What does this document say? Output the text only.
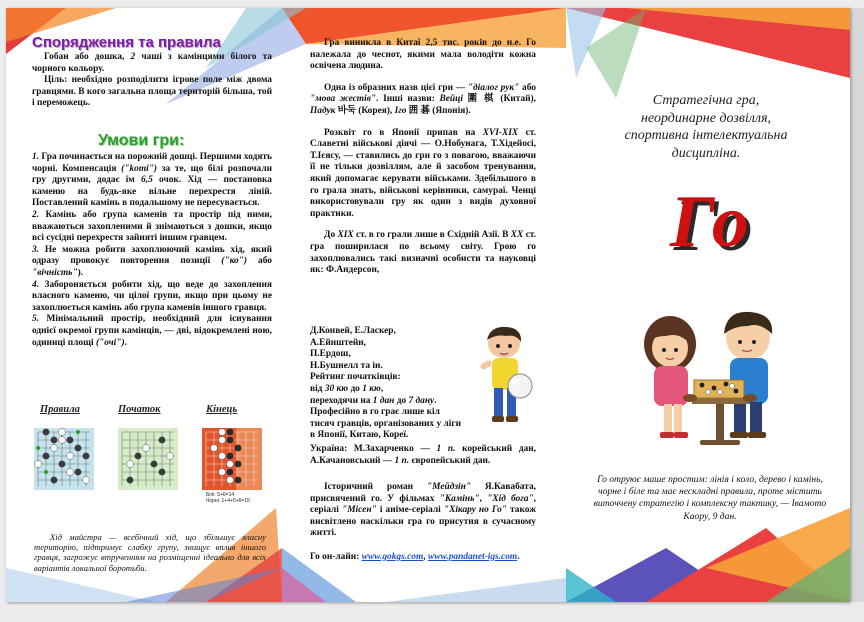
Спорядження та правила

Гобан або дошка, 2 чаші з камінцями білого та чорного кольору.

Ціль: необхідно розподілити ігрове поле між двома гравцями. В кого загальна площа територій більша, той і переможець.

Умови гри:

1. Гра починається на порожній дошці. Першими ходять чорні. Компенсація ("komi") за те, що білі розпочали гру другими, додає їм 6,5 очок. Хід — постановка каменю на будь-яке вільне перехрестя ліній. Поставлений камінь в подальшому не пересувається.

2. Камінь або група каменів та простір під ними, вважаються захопленими й знімаються з дошки, якщо всі сусідні перехрестя зайняті іншим гравцем.

3. Не можна робити захоплюючий камінь хід, який одразу провокує повторення позиції ("ко") або "вічність").

4. Забороняється робити хід, що веде до захоплення власного каменю, чи цілої групи, якщо при цьому не захоплюється камінь або група каменів іншого гравця.

5. Мінімальний простір, необхідний для існування однієї окремої групи камінців, — дві, відокремлені ною, одиниці площі ("очі").

Правила	Початок	Кінець
Білі: 5+6=14
Чорні: 1+4+5+6=15

Хід майстра — всебічний хід, що збільшує власну територію, підтримує слабку групу, знищує вплив іншого гравця, загрожує втрученням на розміщенні ідеально для всіх варіантів локальної боротьби.

Гра виникла в Китаї 2,5 тис. років до н.е. Го належала до чеснот, якими мала володіти кожна освічена людина.

Одна із образних назв цієї гри — "діалог рук" або "мова жестів". Інші назви: Вейці 圍 棋 (Китай), Падук 바둑 (Корея), Ігo 囲 碁 (Японія).

Розквіт го в Японії припав на XVI-XIX ст. Славетні військові діячі — О.Нобунага, Т.Хідейосі, Т.Ієясу, — ставились до гри го з повагою, вважаючи її не тільки дозвіллям, але й засобом тренування, який допомагає керувати військами. Здебільшого в го грала знать, військові керівники, самураї. Ченці використовували гру як один з видів духовної практики.

До XIX ст. в го грали лише в Східній Азії. В XX ст. гра поширилася по всьому світу. Грою го захоплювались такі визначні особисти та науковці як: Ф.Андерсон,

Д.Конвей, Е.Ласкер,

А.Ейнштейн,

П.Ердош,

Н.Бушнелл та ін.

Рейтинг початківців:

від 30 кю до 1 кю,

переходячи на 1 дан до 7 дану.

Професійно в го грає лише кіл

тисяч гравців, організованих у ліги

в Японії, Китаю, Кореї.

Україна: М.Захарченко — 1 п. корейський дан, А.Качановський — 1 п. європейський дан.

Історичний роман "Мейдзін" Я.Кавабата, присвячений го. У фільмах "Камінь", "Хід бога", серіалі "Місен" і аніме-серіалі "Хікару но Го" також висвітлено наскільки гра го присутня в сучасному житті.

Го он-лайн: www.gokgs.com, www.pandanet-igs.com.

Стратегічна гра, неординарне дозвілля, спортивна інтелектуальна дисципліна.
Го
Го отруює маше простим: лінія і коло, дерево і камінь, чорне і біле та має нескладні правила, проте містить виточчену стратегію і комплексну тактику, — Івамото Каору, 9 дан.
